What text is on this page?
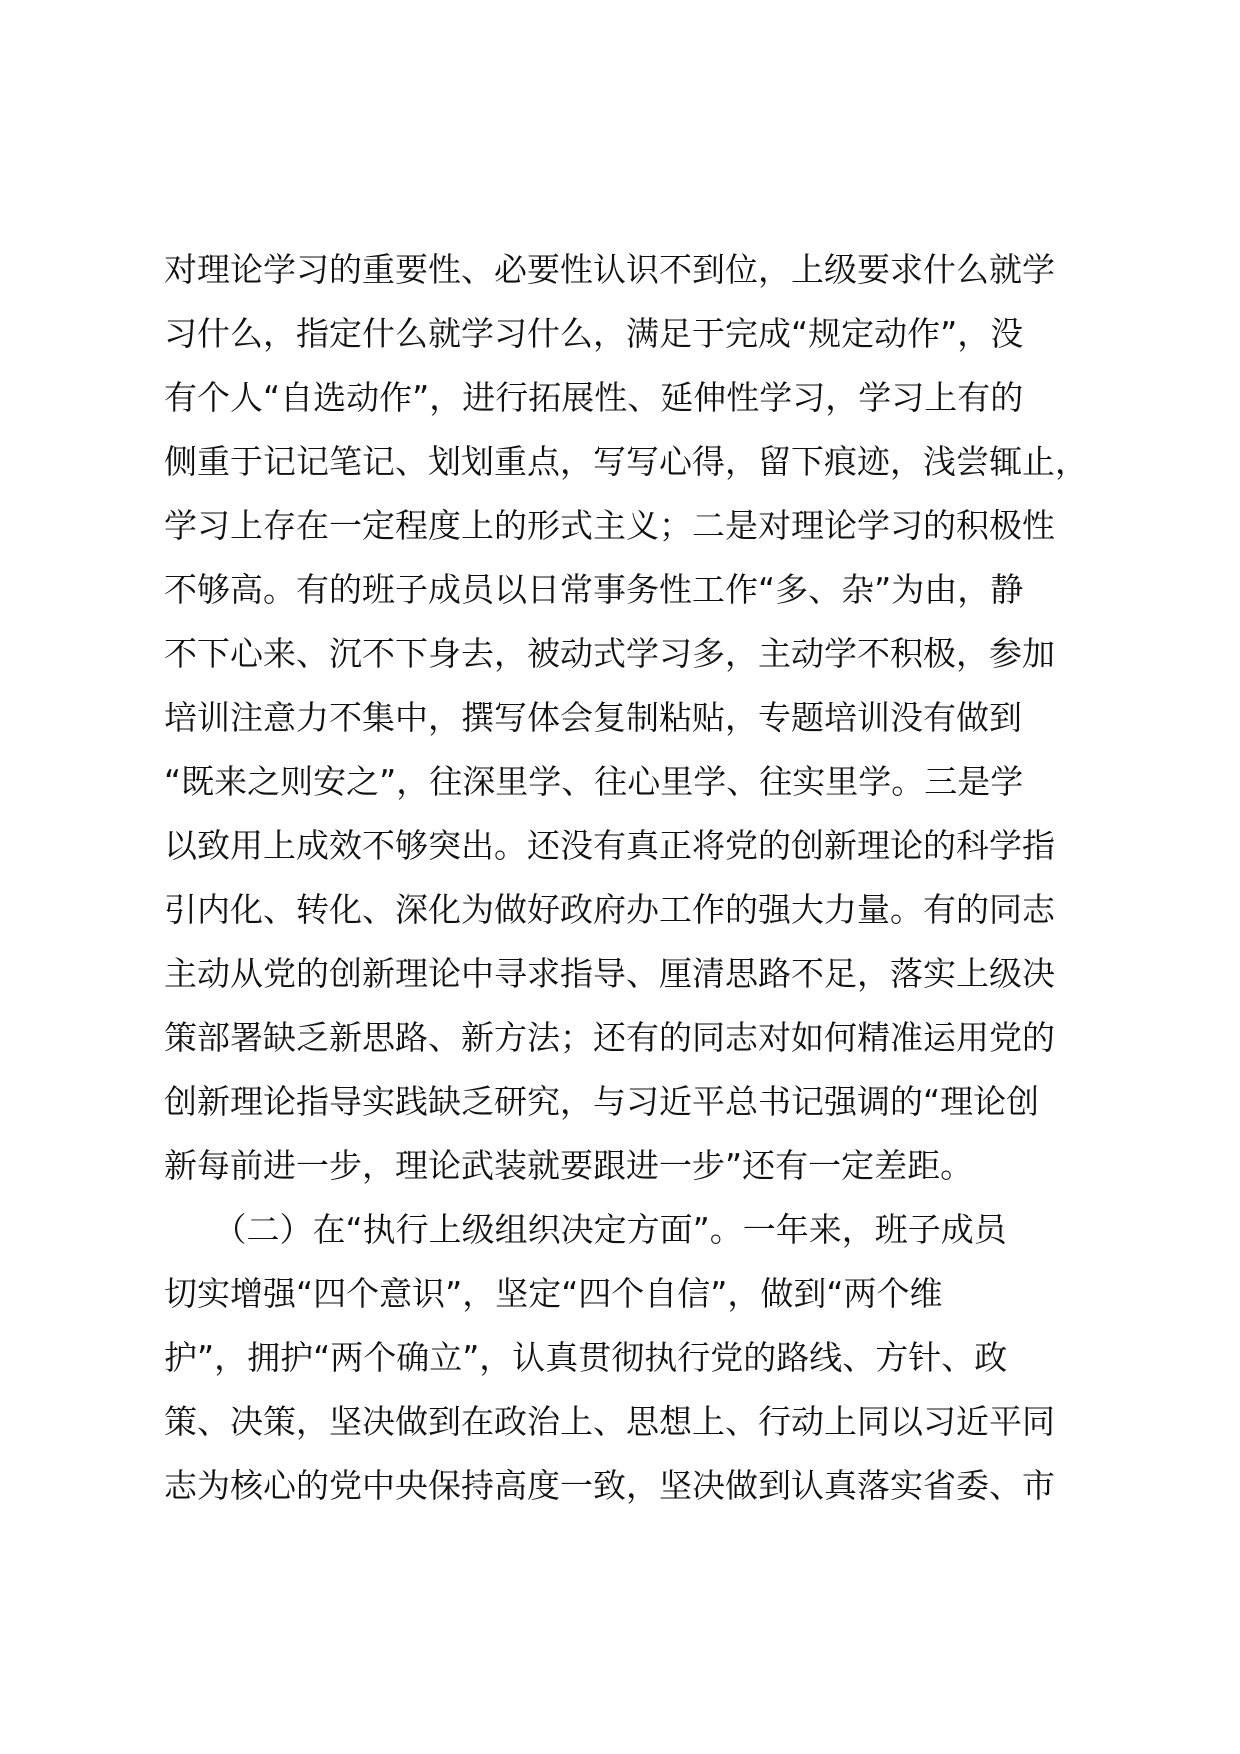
对理论学习的重要性、必要性认识不到位，上级要求什么就学
习什么，指定什么就学习什么，满足于完成“规定动作”，没
有个人“自选动作”，进行拓展性、延伸性学习，学习上有的
侧重于记记笔记、划划重点，写写心得，留下痕迹，浅尝辄止，
学习上存在一定程度上的形式主义；二是对理论学习的积极性
不够高。有的班子成员以日常事务性工作“多、杂”为由，静
不下心来、沉不下身去，被动式学习多，主动学不积极，参加
培训注意力不集中，撰写体会复制粘贴，专题培训没有做到
“既来之则安之”，往深里学、往心里学、往实里学。三是学
以致用上成效不够突出。还没有真正将党的创新理论的科学指
引内化、转化、深化为做好政府办工作的强大力量。有的同志
主动从党的创新理论中寻求指导、厘清思路不足，落实上级决
策部署缺乏新思路、新方法；还有的同志对如何精准运用党的
创新理论指导实践缺乏研究，与习近平总书记强调的“理论创
新每前进一步，理论武装就要跟进一步”还有一定差距。
　　（二）在“执行上级组织决定方面”。一年来，班子成员
切实增强“四个意识”，坚定“四个自信”，做到“两个维
护”，拥护“两个确立”，认真贯彻执行党的路线、方针、政
策、决策，坚决做到在政治上、思想上、行动上同以习近平同
志为核心的党中央保持高度一致，坚决做到认真落实省委、市
